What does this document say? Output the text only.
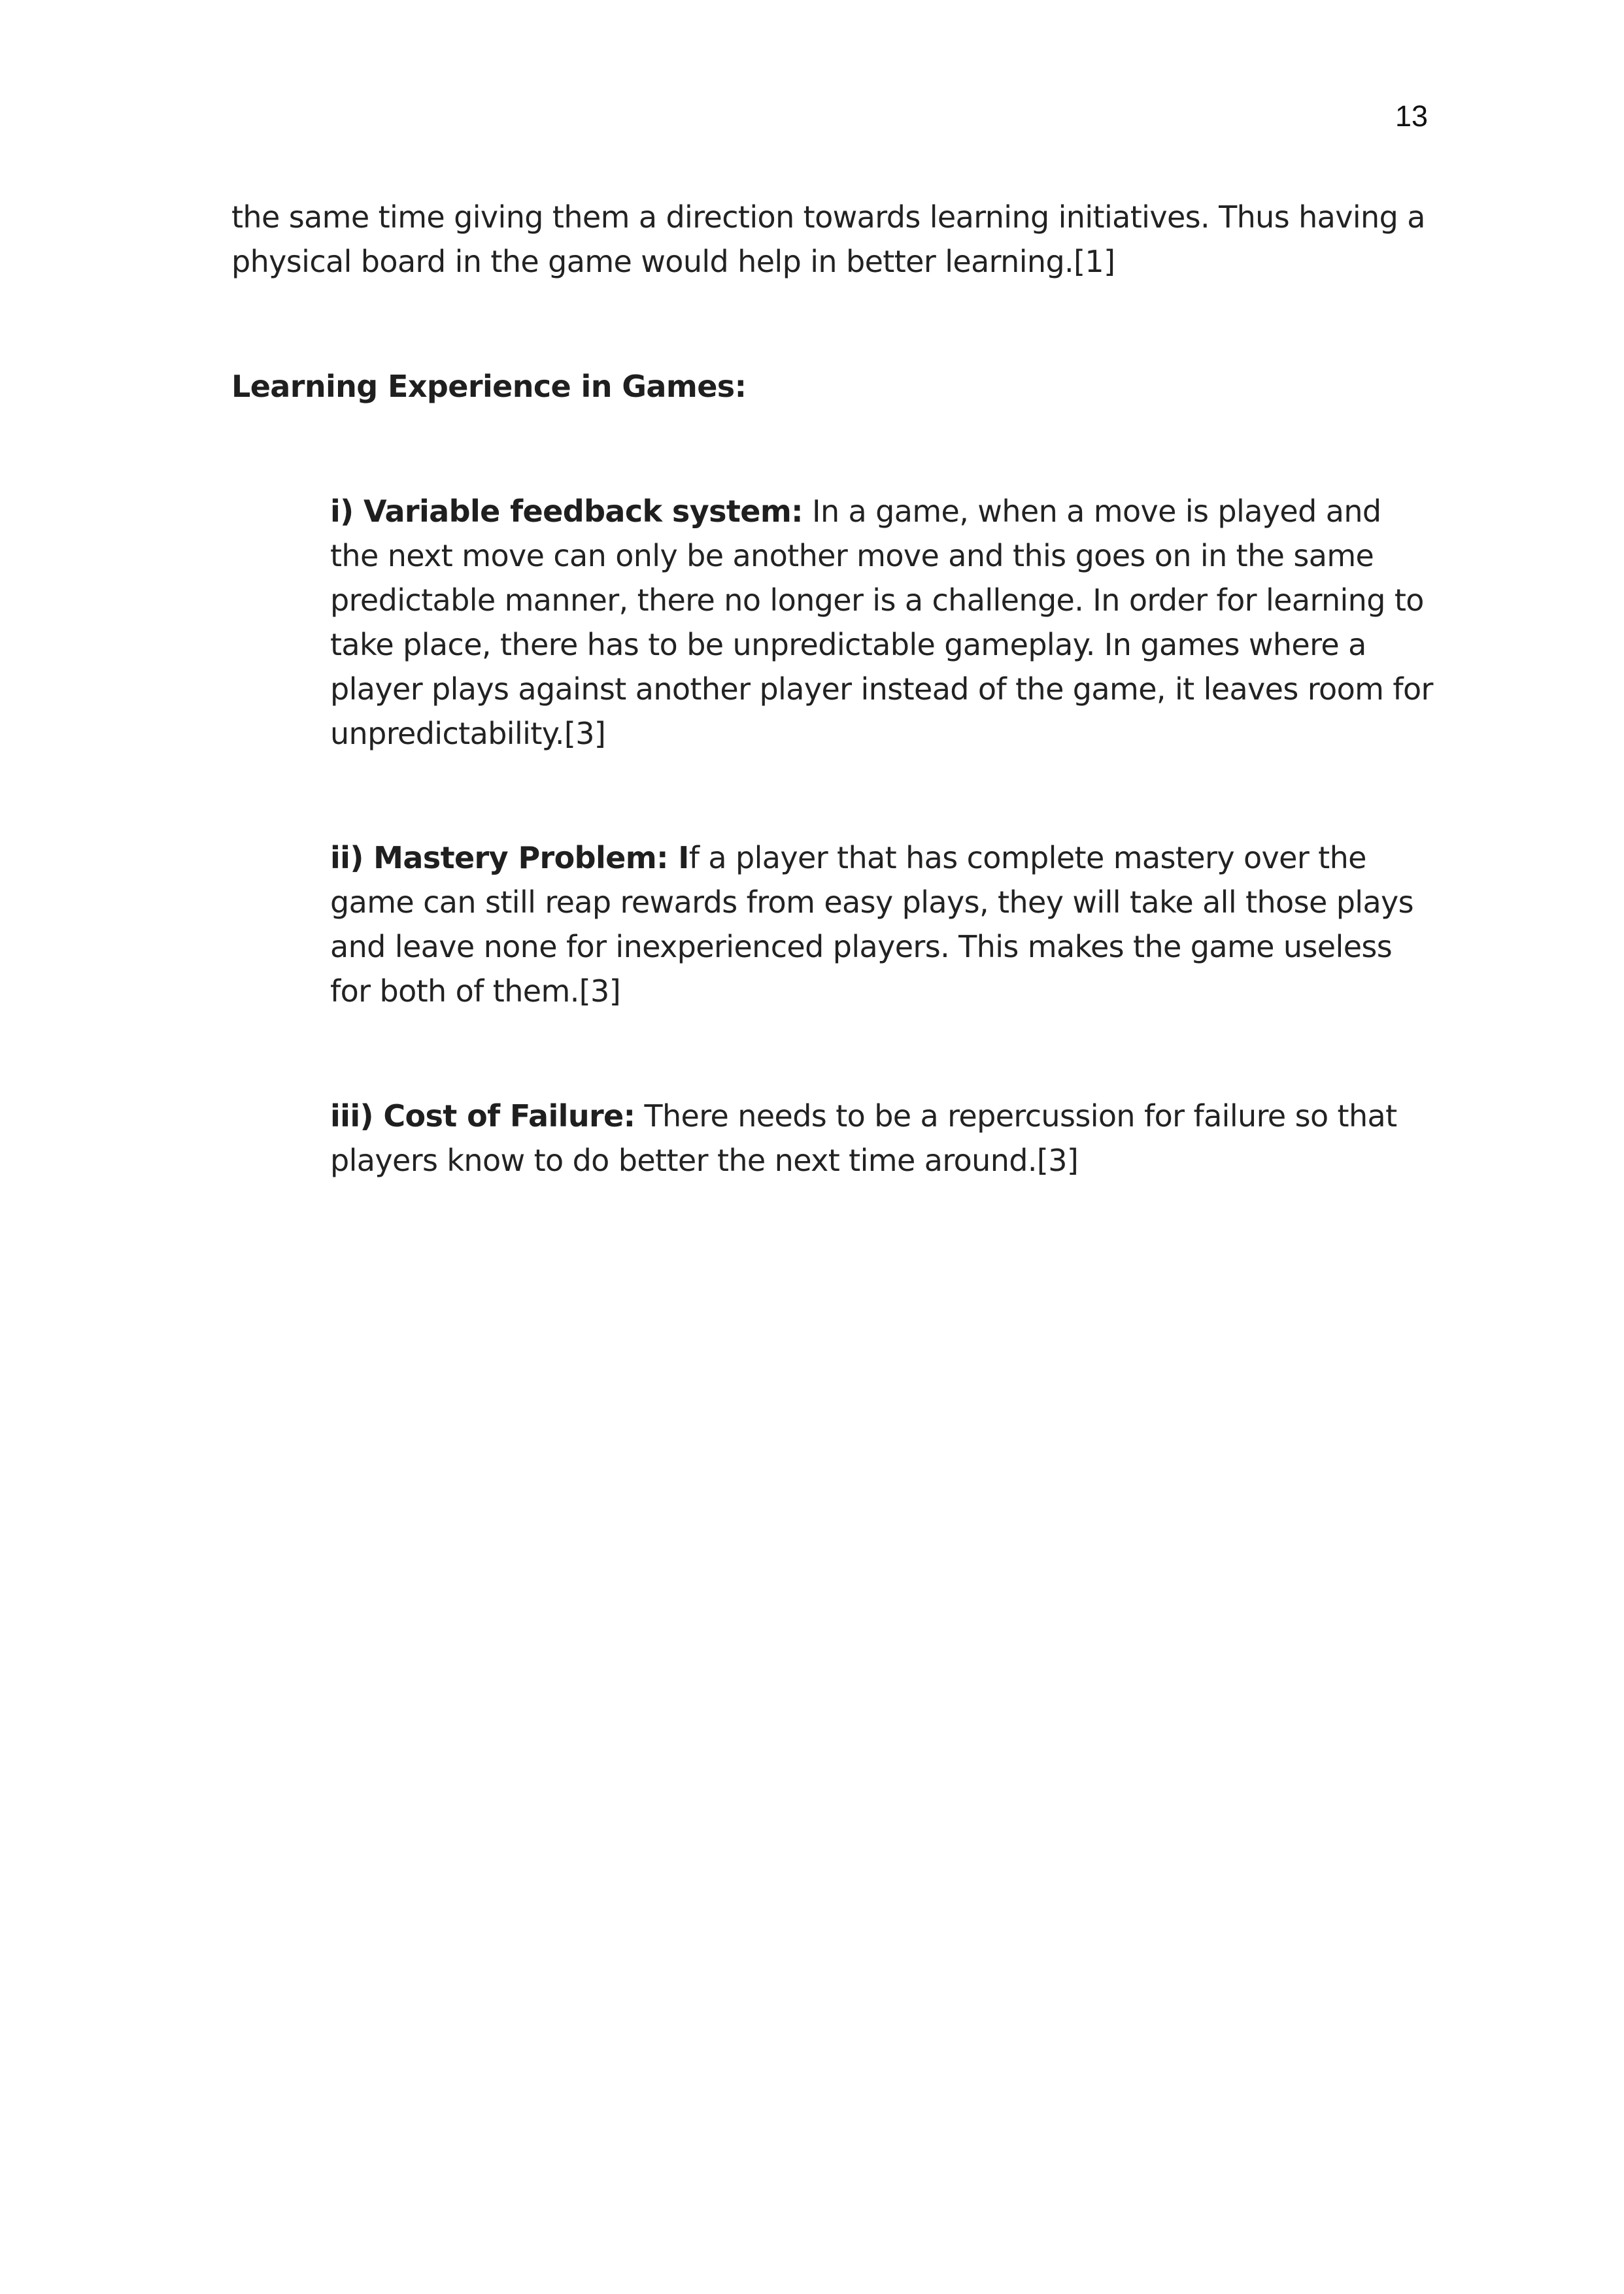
13

the same time giving them a direction towards learning initiatives. Thus having a physical board in the game would help in better learning.[1]

Learning Experience in Games:

i) Variable feedback system: In a game, when a move is played and the next move can only be another move and this goes on in the same predictable manner, there no longer is a challenge. In order for learning to take place, there has to be unpredictable gameplay. In games where a player plays against another player instead of the game, it leaves room for unpredictability.[3]

ii) Mastery Problem: If a player that has complete mastery over the game can still reap rewards from easy plays, they will take all those plays and leave none for inexperienced players. This makes the game useless for both of them.[3]

iii) Cost of Failure: There needs to be a repercussion for failure so that players know to do better the next time around.[3]
